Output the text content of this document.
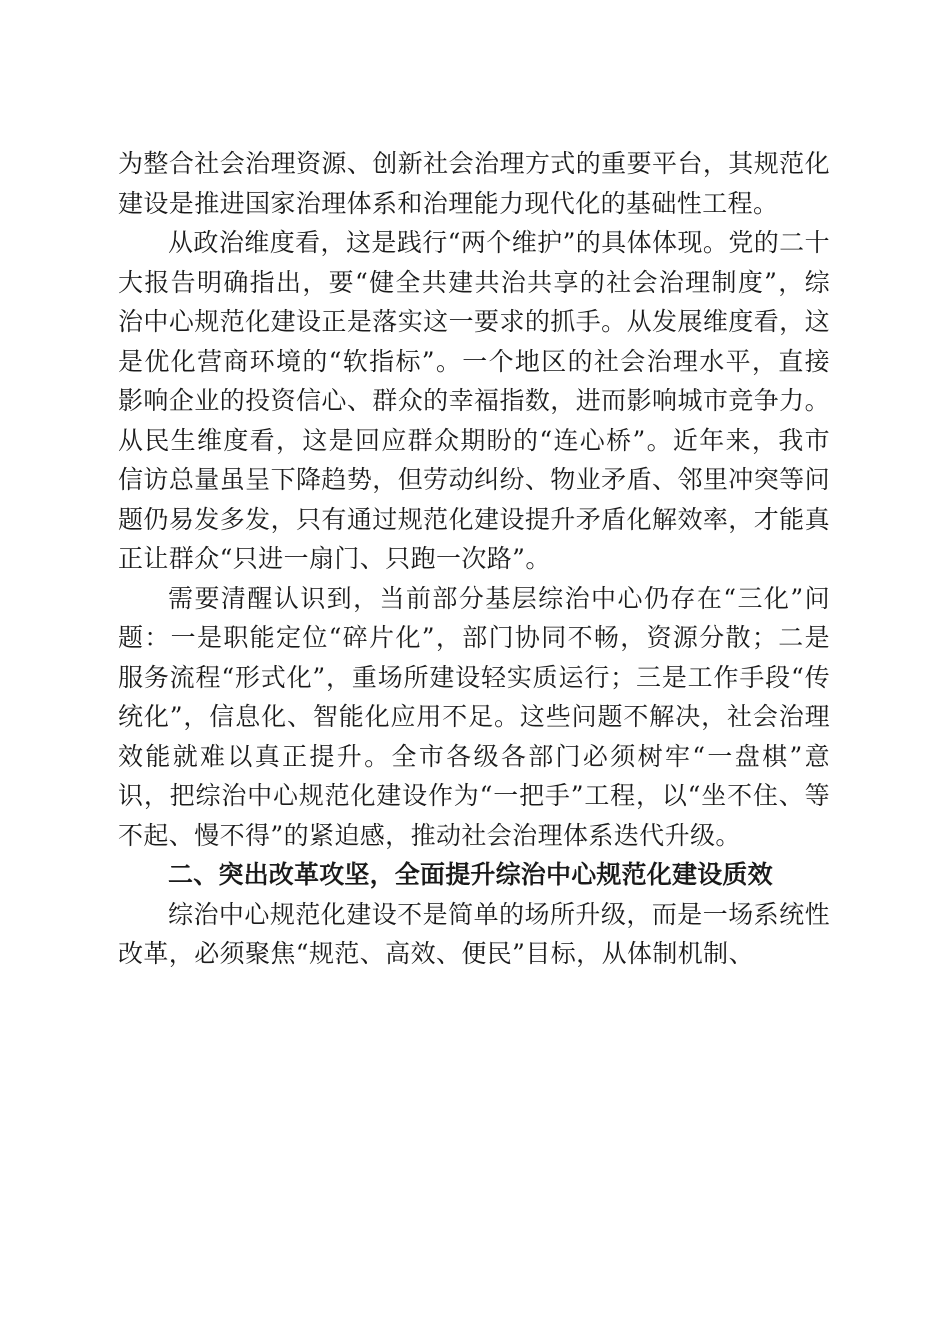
为整合社会治理资源、创新社会治理方式的重要平台，其规范化建设是推进国家治理体系和治理能力现代化的基础性工程。

从政治维度看，这是践行“两个维护”的具体体现。党的二十大报告明确指出，要“健全共建共治共享的社会治理制度”，综治中心规范化建设正是落实这一要求的抓手。从发展维度看，这是优化营商环境的“软指标”。一个地区的社会治理水平，直接影响企业的投资信心、群众的幸福指数，进而影响城市竞争力。从民生维度看，这是回应群众期盼的“连心桥”。近年来，我市信访总量虽呈下降趋势，但劳动纠纷、物业矛盾、邻里冲突等问题仍易发多发，只有通过规范化建设提升矛盾化解效率，才能真正让群众“只进一扇门、只跑一次路”。

需要清醒认识到，当前部分基层综治中心仍存在“三化”问题：一是职能定位“碎片化”，部门协同不畅，资源分散；二是服务流程“形式化”，重场所建设轻实质运行；三是工作手段“传统化”，信息化、智能化应用不足。这些问题不解决，社会治理效能就难以真正提升。全市各级各部门必须树牢“一盘棋”意识，把综治中心规范化建设作为“一把手”工程，以“坐不住、等不起、慢不得”的紧迫感，推动社会治理体系迭代升级。

二、突出改革攻坚，全面提升综治中心规范化建设质效

综治中心规范化建设不是简单的场所升级，而是一场系统性改革，必须聚焦“规范、高效、便民”目标，从体制机制、
